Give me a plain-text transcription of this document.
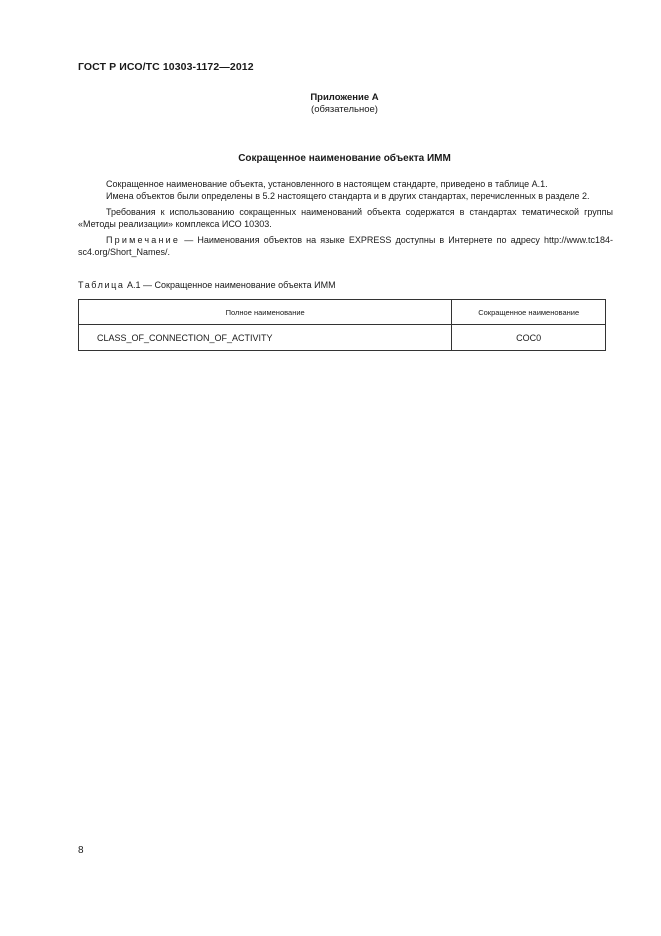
ГОСТ Р ИСО/ТС 10303-1172—2012
Приложение А
(обязательное)
Сокращенное наименование объекта ИММ

Сокращенное наименование объекта, установленного в настоящем стандарте, приведено в таблице А.1.

Имена объектов были определены в 5.2 настоящего стандарта и в других стандартах, перечисленных в разделе 2.

Требования к использованию сокращенных наименований объекта содержатся в стандартах тематической группы «Методы реализации» комплекса ИСО 10303.

Примечание — Наименования объектов на языке EXPRESS доступны в Интернете по адресу http://www.tc184-sc4.org/Short_Names/.

Таблица А.1 — Сокращенное наименование объекта ИММ
Полное наименование	Сокращенное наименование
CLASS_OF_CONNECTION_OF_ACTIVITY	COC0
8
